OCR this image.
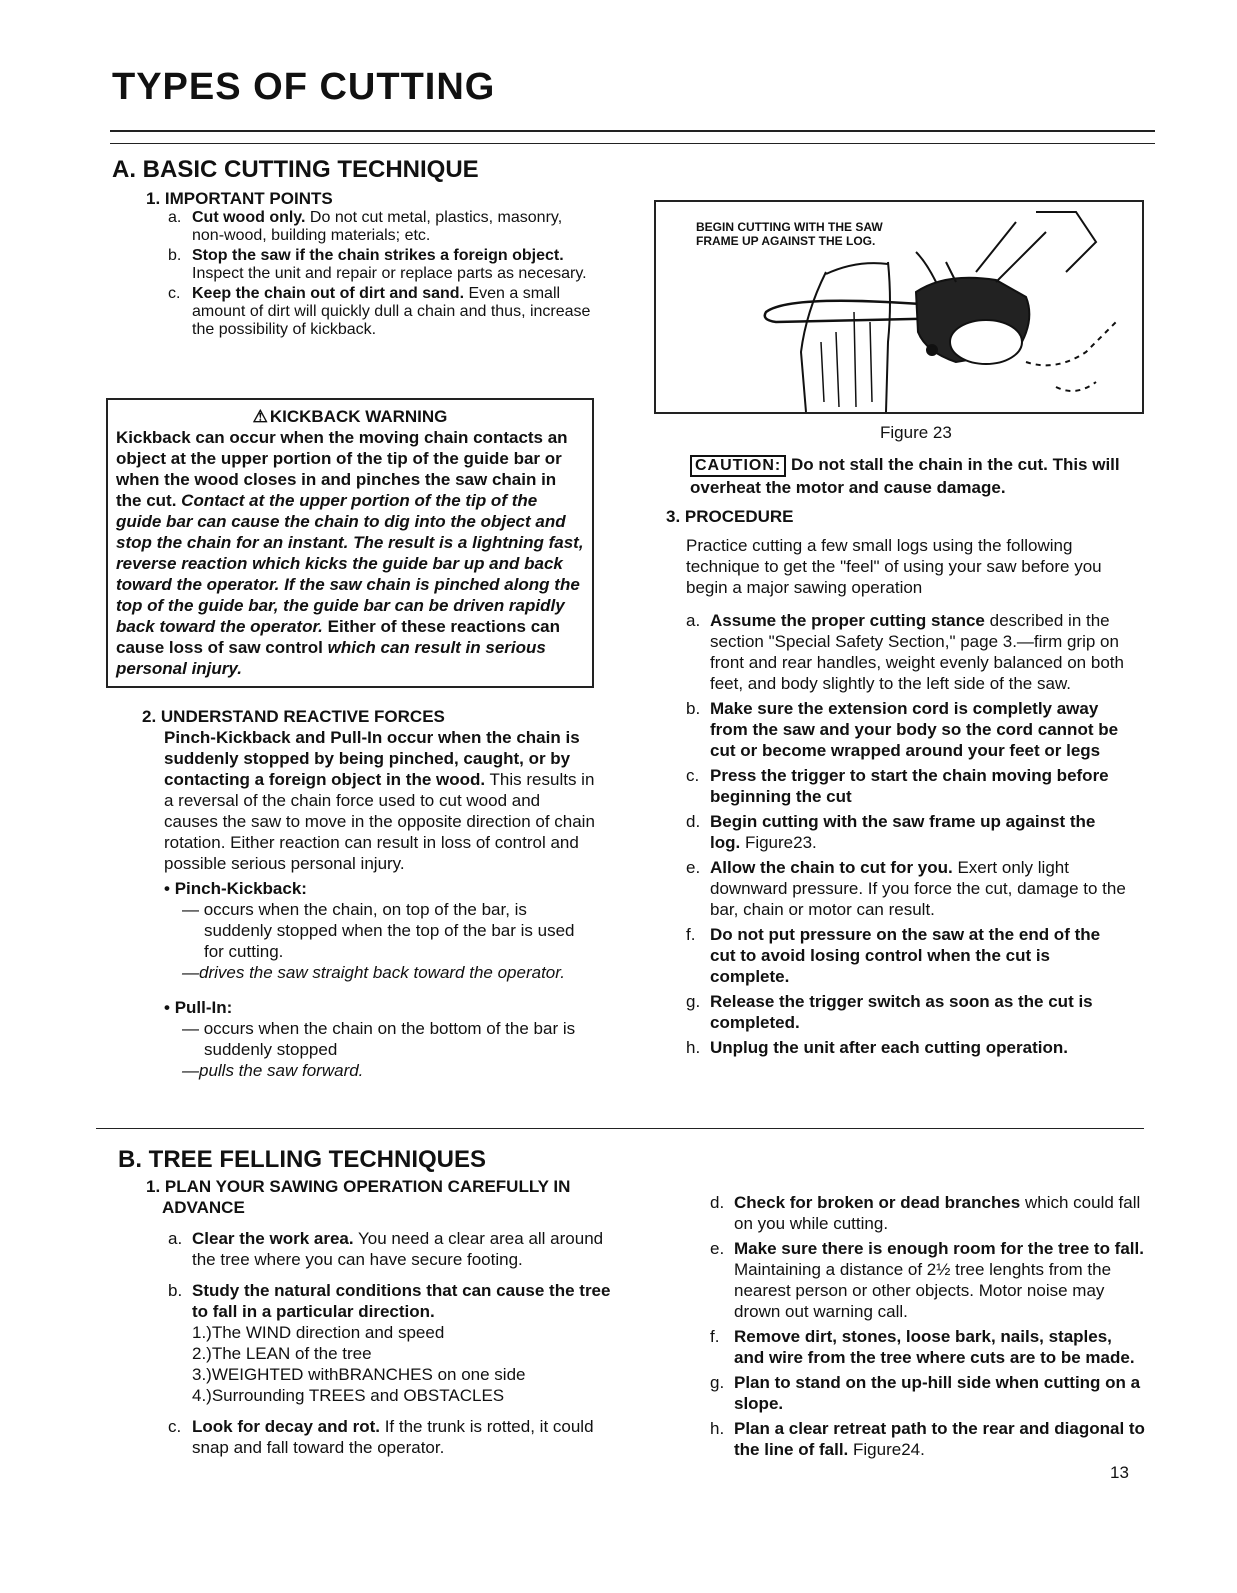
TYPES OF CUTTING
A. BASIC CUTTING TECHNIQUE
1. IMPORTANT POINTS
a. Cut wood only. Do not cut metal, plastics, masonry, non-wood, building materials; etc.
b. Stop the saw if the chain strikes a foreign object. Inspect the unit and repair or replace parts as necesary.
c. Keep the chain out of dirt and sand. Even a small amount of dirt will quickly dull a chain and thus, increase the possibility of kickback.
⚠ KICKBACK WARNING
Kickback can occur when the moving chain contacts an object at the upper portion of the tip of the guide bar or when the wood closes in and pinches the saw chain in the cut. Contact at the upper portion of the tip of the guide bar can cause the chain to dig into the object and stop the chain for an instant. The result is a lightning fast, reverse reaction which kicks the guide bar up and back toward the operator. If the saw chain is pinched along the top of the guide bar, the guide bar can be driven rapidly back toward the operator. Either of these reactions can cause loss of saw control which can result in serious personal injury.
2. UNDERSTAND REACTIVE FORCES
Pinch-Kickback and Pull-In occur when the chain is suddenly stopped by being pinched, caught, or by contacting a foreign object in the wood. This results in a reversal of the chain force used to cut wood and causes the saw to move in the opposite direction of chain rotation. Either reaction can result in loss of control and possible serious personal injury.
• Pinch-Kickback:
— occurs when the chain, on top of the bar, is suddenly stopped when the top of the bar is used for cutting.
—drives the saw straight back toward the operator.
• Pull-In:
— occurs when the chain on the bottom of the bar is suddenly stopped
—pulls the saw forward.
BEGIN CUTTING WITH THE SAW FRAME UP AGAINST THE LOG.
Figure 23
CAUTION: Do not stall the chain in the cut. This will overheat the motor and cause damage.
3. PROCEDURE
Practice cutting a few small logs using the following technique to get the "feel" of using your saw before you begin a major sawing operation
a. Assume the proper cutting stance described in the section "Special Safety Section," page 3.—firm grip on front and rear handles, weight evenly balanced on both feet, and body slightly to the left side of the saw.
b. Make sure the extension cord is completly away from the saw and your body so the cord cannot be cut or become wrapped around your feet or legs
c. Press the trigger to start the chain moving before beginning the cut
d. Begin cutting with the saw frame up against the log. Figure23.
e. Allow the chain to cut for you. Exert only light downward pressure. If you force the cut, damage to the bar, chain or motor can result.
f. Do not put pressure on the saw at the end of the cut to avoid losing control when the cut is complete.
g. Release the trigger switch as soon as the cut is completed.
h. Unplug the unit after each cutting operation.
B. TREE FELLING TECHNIQUES
1. PLAN YOUR SAWING OPERATION CAREFULLY IN ADVANCE
a. Clear the work area. You need a clear area all around the tree where you can have secure footing.
b. Study the natural conditions that can cause the tree to fall in a particular direction.
1.)The WIND direction and speed
2.)The LEAN of the tree
3.)WEIGHTED withBRANCHES on one side
4.)Surrounding TREES and OBSTACLES
c. Look for decay and rot. If the trunk is rotted, it could snap and fall toward the operator.
d. Check for broken or dead branches which could fall on you while cutting.
e. Make sure there is enough room for the tree to fall. Maintaining a distance of 2½ tree lenghts from the nearest person or other objects. Motor noise may drown out warning call.
f. Remove dirt, stones, loose bark, nails, staples, and wire from the tree where cuts are to be made.
g. Plan to stand on the up-hill side when cutting on a slope.
h. Plan a clear retreat path to the rear and diagonal to the line of fall. Figure24.
13
